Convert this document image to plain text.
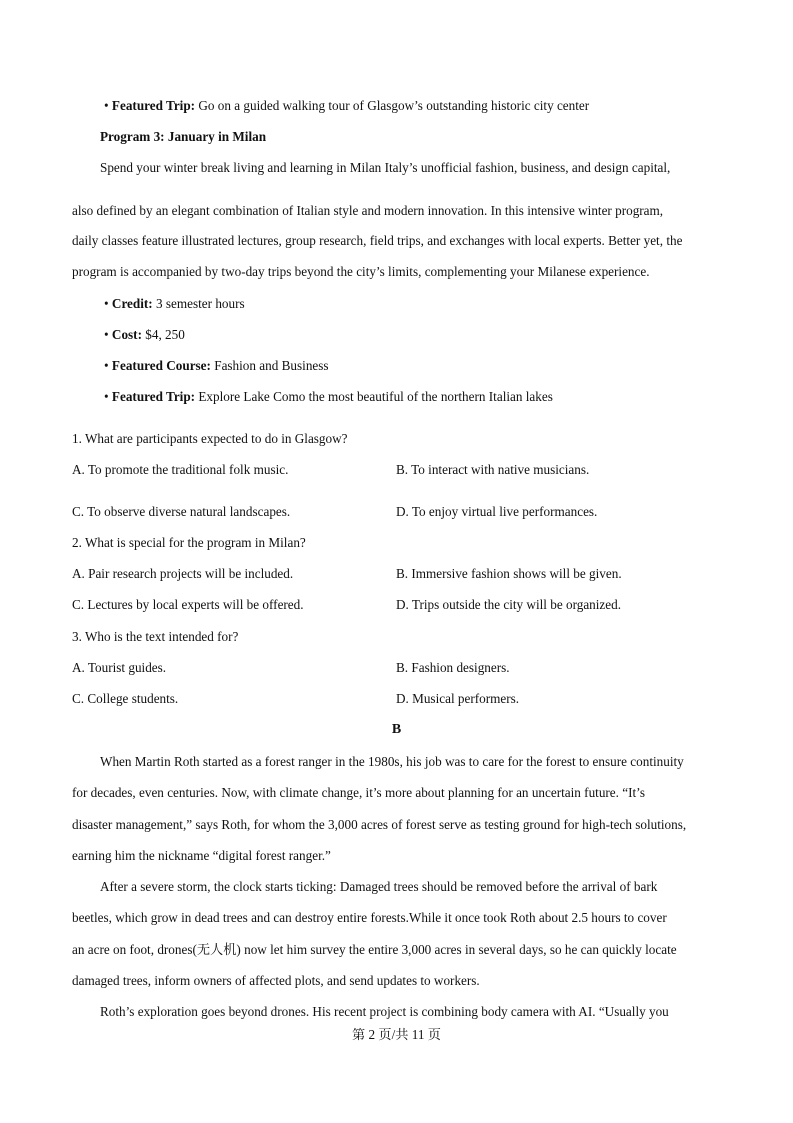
• Featured Trip: Go on a guided walking tour of Glasgow’s outstanding historic city center
Program 3: January in Milan
Spend your winter break living and learning in Milan Italy’s unofficial fashion, business, and design capital,
also defined by an elegant combination of Italian style and modern innovation. In this intensive winter program,
daily classes feature illustrated lectures, group research, field trips, and exchanges with local experts. Better yet, the
program is accompanied by two-day trips beyond the city’s limits, complementing your Milanese experience.
• Credit: 3 semester hours
• Cost: $4, 250
• Featured Course: Fashion and Business
• Featured Trip: Explore Lake Como the most beautiful of the northern Italian lakes
1. What are participants expected to do in Glasgow?
A. To promote the traditional folk music.	B. To interact with native musicians.
C. To observe diverse natural landscapes.	D. To enjoy virtual live performances.
2. What is special for the program in Milan?
A. Pair research projects will be included.	B. Immersive fashion shows will be given.
C. Lectures by local experts will be offered.	D. Trips outside the city will be organized.
3. Who is the text intended for?
A. Tourist guides.	B. Fashion designers.
C. College students.	D. Musical performers.
B
When Martin Roth started as a forest ranger in the 1980s, his job was to care for the forest to ensure continuity
for decades, even centuries. Now, with climate change, it’s more about planning for an uncertain future. “It’s
disaster management,” says Roth, for whom the 3,000 acres of forest serve as testing ground for high-tech solutions,
earning him the nickname “digital forest ranger.”
After a severe storm, the clock starts ticking: Damaged trees should be removed before the arrival of bark
beetles, which grow in dead trees and can destroy entire forests.While it once took Roth about 2.5 hours to cover
an acre on foot, drones(无人机) now let him survey the entire 3,000 acres in several days, so he can quickly locate
damaged trees, inform owners of affected plots, and send updates to workers.
Roth’s exploration goes beyond drones. His recent project is combining body camera with AI. “Usually you
第 2 页/共 11 页
